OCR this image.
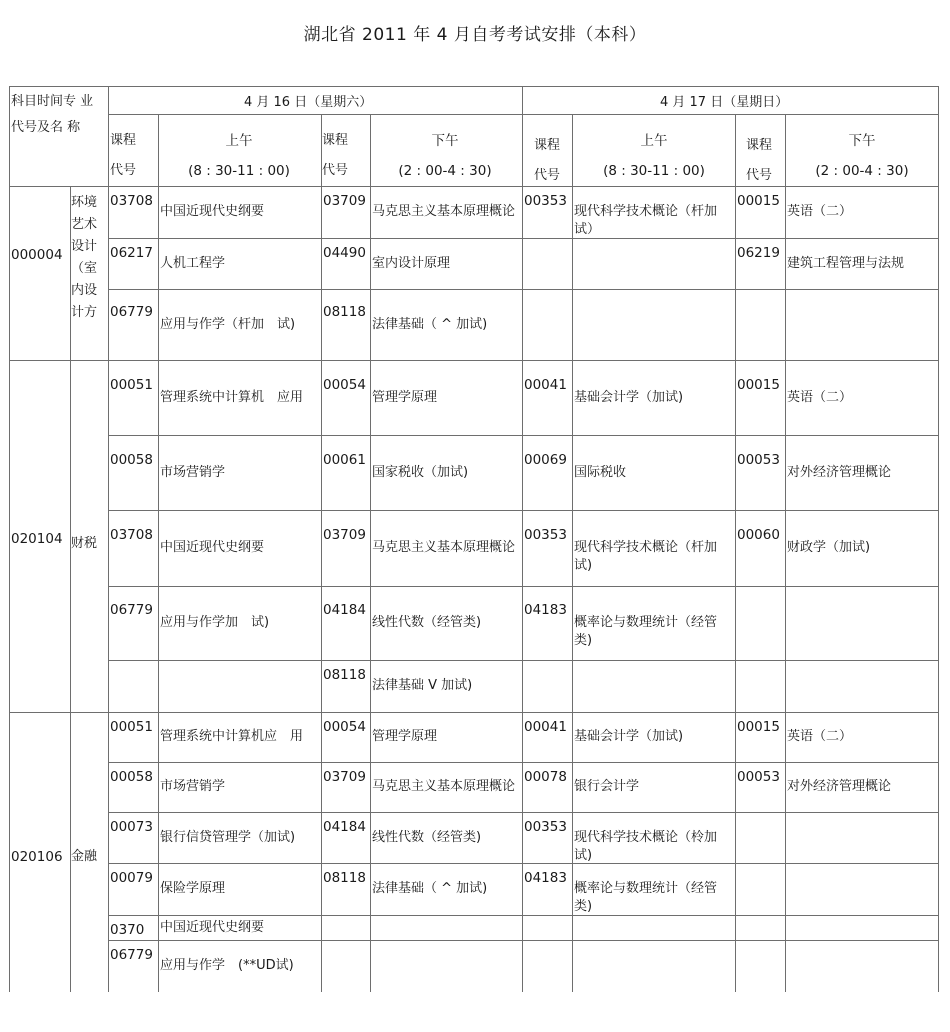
湖北省 2011 年 4 月自考考试安排（本科）
科目时间专 业
代号及名 称
4 月 16 日（星期六）	4 月 17 日（星期日）
课程
代号
上午
(8 : 30-11 : 00)
课程
代号
下午
(2 : 00-4 : 30)
课程
代号
上午
(8 : 30-11 : 00)
课程
代号
下午
(2 : 00-4 : 30)
000004
环境艺术设计（室内设计方
020104 财税
020106 金融
03708
中国近现代史纲要
03709
马克思主义基本原理概论
00353
现代科学技术概论（杆加试）
00015
英语（二）
06217
人机工程学
04490
室内设计原理
06219
建筑工程管理与法规
06779
应用与作学（杆加　试)
08118
法律基础（ ^ 加试)
00051
管理系统中计算机　应用
00054
管理学原理
00041
基础会计学（加试)
00015
英语（二）
00058
市场营销学
00061
国家税收（加试)
00069
国际税收
00053
对外经济管理概论
03708
中国近现代史纲要
03709
马克思主义基本原理概论
00353
现代科学技术概论（杆加试)
00060
财政学（加试)
06779
应用与作学加　试)
04184
线性代数（经管类)
04183
概率论与数理统计（经管类)
08118
法律基础 V 加试)
00051
管理系统中计算机应　用
00054
管理学原理
00041
基础会计学（加试)
00015
英语（二）
00058
市场营销学
03709
马克思主义基本原理概论
00078
银行会计学
00053
对外经济管理概论
00073
银行信贷管理学（加试)
04184
线性代数（经管类)
00353
现代科学技术概论（柃加试)
00079
保险学原理
08118
法律基础（ ^ 加试)
04183
概率论与数理统计（经管类)
0370	中国近现代史纲要
06779
应用与作学　(**UD试)
